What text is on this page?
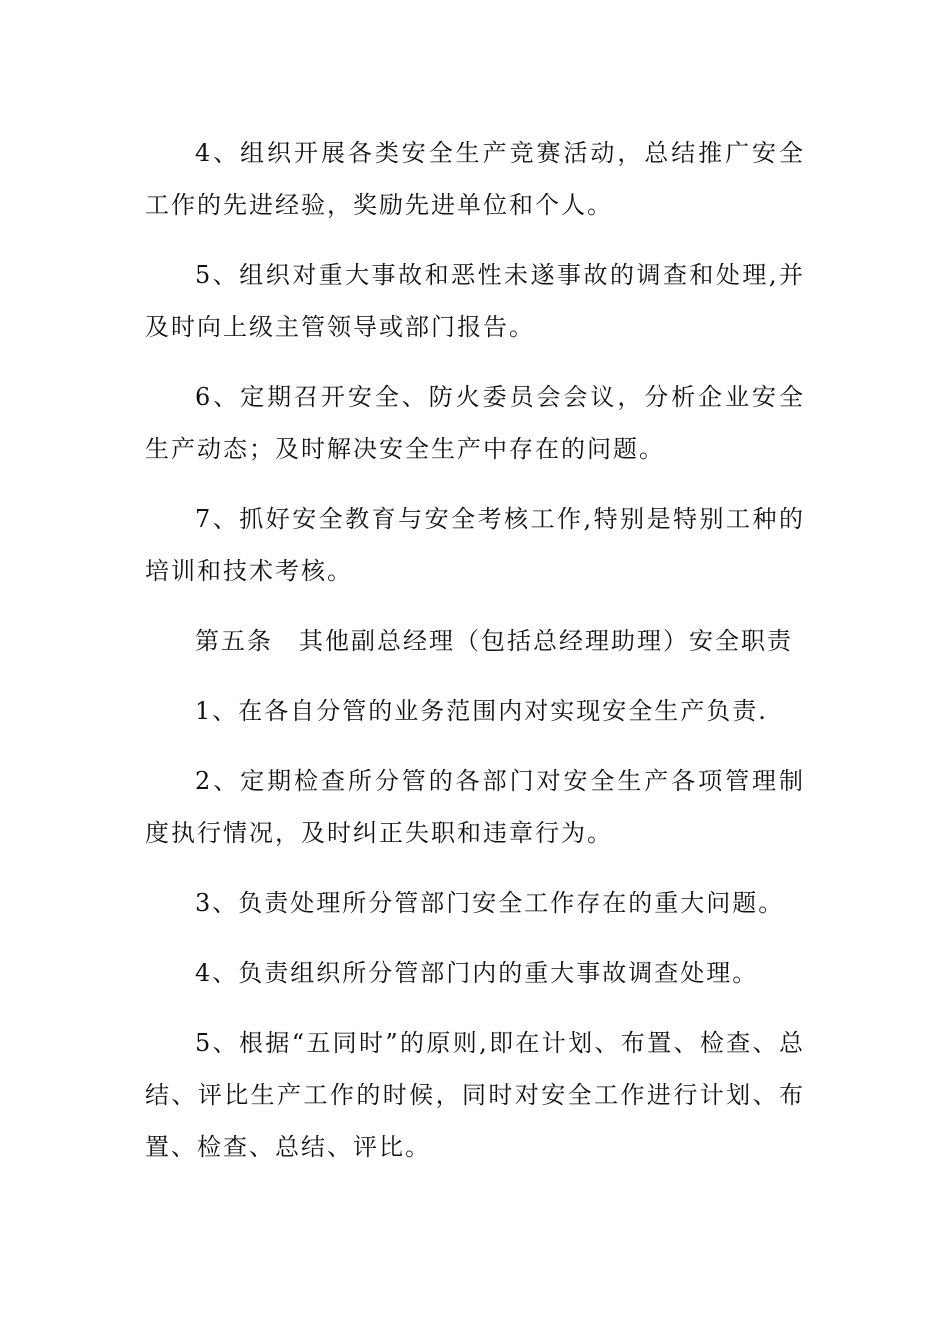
4、组织开展各类安全生产竞赛活动，总结推广安全工作的先进经验，奖励先进单位和个人。

5、组织对重大事故和恶性未遂事故的调查和处理,并及时向上级主管领导或部门报告。

6、定期召开安全、防火委员会会议，分析企业安全生产动态；及时解决安全生产中存在的问题。

7、抓好安全教育与安全考核工作,特别是特别工种的培训和技术考核。

第五条　其他副总经理（包括总经理助理）安全职责

1、在各自分管的业务范围内对实现安全生产负责.

2、定期检查所分管的各部门对安全生产各项管理制度执行情况，及时纠正失职和违章行为。

3、负责处理所分管部门安全工作存在的重大问题。

4、负责组织所分管部门内的重大事故调查处理。

5、根据“五同时”的原则,即在计划、布置、检查、总结、评比生产工作的时候，同时对安全工作进行计划、布置、检查、总结、评比。
